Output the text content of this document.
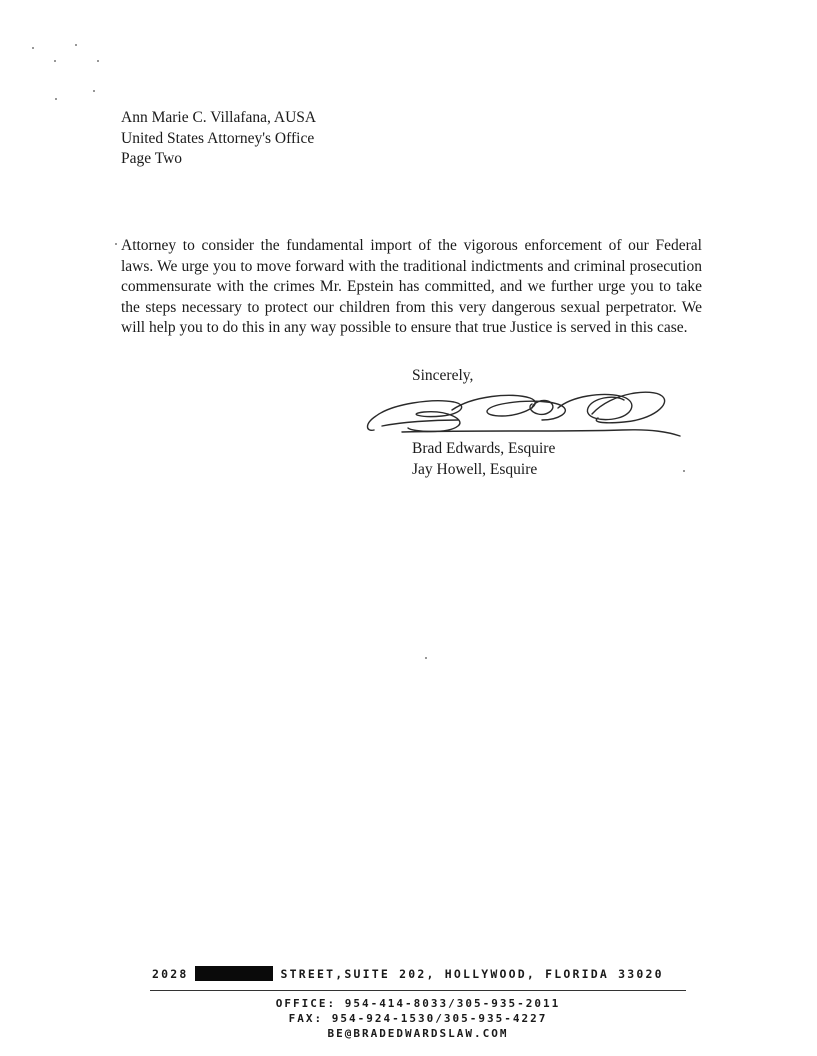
Ann Marie C. Villafana, AUSA
United States Attorney's Office
Page Two
Attorney to consider the fundamental import of the vigorous enforcement of our Federal laws. We urge you to move forward with the traditional indictments and criminal prosecution commensurate with the crimes Mr. Epstein has committed, and we further urge you to take the steps necessary to protect our children from this very dangerous sexual perpetrator. We will help you to do this in any way possible to ensure that true Justice is served in this case.
Sincerely,
Brad Edwards, Esquire
Jay Howell, Esquire
2028	STREET,SUITE 202, HOLLYWOOD, FLORIDA 33020
OFFICE: 954-414-8033/305-935-2011
FAX: 954-924-1530/305-935-4227
BE@BRADEDWARDSLAW.COM
